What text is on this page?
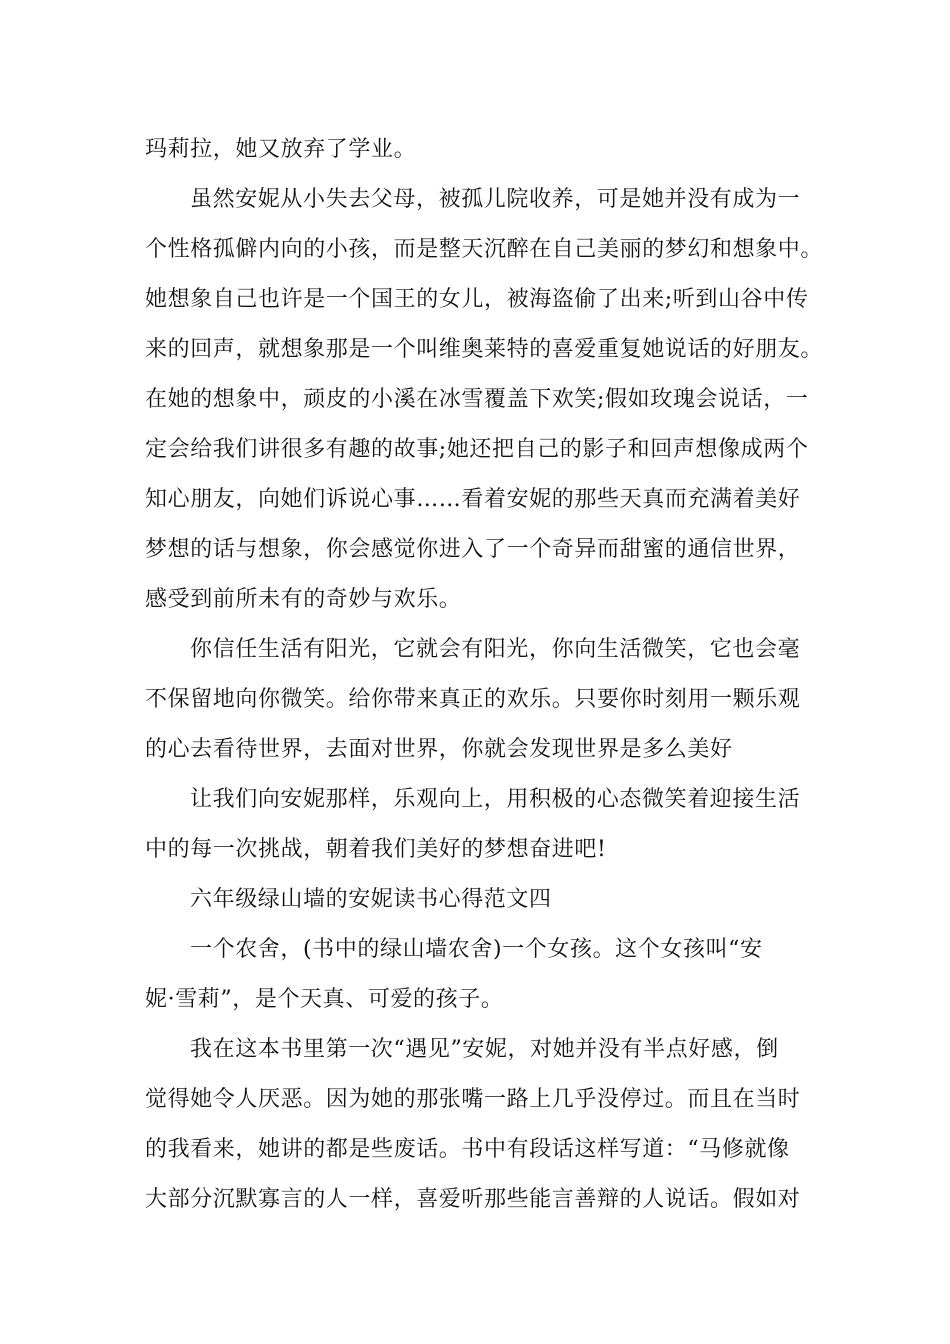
玛莉拉，她又放弃了学业。
虽然安妮从小失去父母，被孤儿院收养，可是她并没有成为一
个性格孤僻内向的小孩，而是整天沉醉在自己美丽的梦幻和想象中。
她想象自己也许是一个国王的女儿，被海盗偷了出来;听到山谷中传
来的回声，就想象那是一个叫维奥莱特的喜爱重复她说话的好朋友。
在她的想象中，顽皮的小溪在冰雪覆盖下欢笑;假如玫瑰会说话，一
定会给我们讲很多有趣的故事;她还把自己的影子和回声想像成两个
知心朋友，向她们诉说心事……看着安妮的那些天真而充满着美好
梦想的话与想象，你会感觉你进入了一个奇异而甜蜜的通信世界，
感受到前所未有的奇妙与欢乐。
你信任生活有阳光，它就会有阳光，你向生活微笑，它也会毫
不保留地向你微笑。给你带来真正的欢乐。只要你时刻用一颗乐观
的心去看待世界，去面对世界，你就会发现世界是多么美好
让我们向安妮那样，乐观向上，用积极的心态微笑着迎接生活
中的每一次挑战，朝着我们美好的梦想奋进吧!
六年级绿山墙的安妮读书心得范文四
一个农舍，(书中的绿山墙农舍)一个女孩。这个女孩叫“安
妮·雪莉”，是个天真、可爱的孩子。
我在这本书里第一次“遇见”安妮，对她并没有半点好感，倒
觉得她令人厌恶。因为她的那张嘴一路上几乎没停过。而且在当时
的我看来，她讲的都是些废话。书中有段话这样写道：“马修就像
大部分沉默寡言的人一样，喜爱听那些能言善辩的人说话。假如对
